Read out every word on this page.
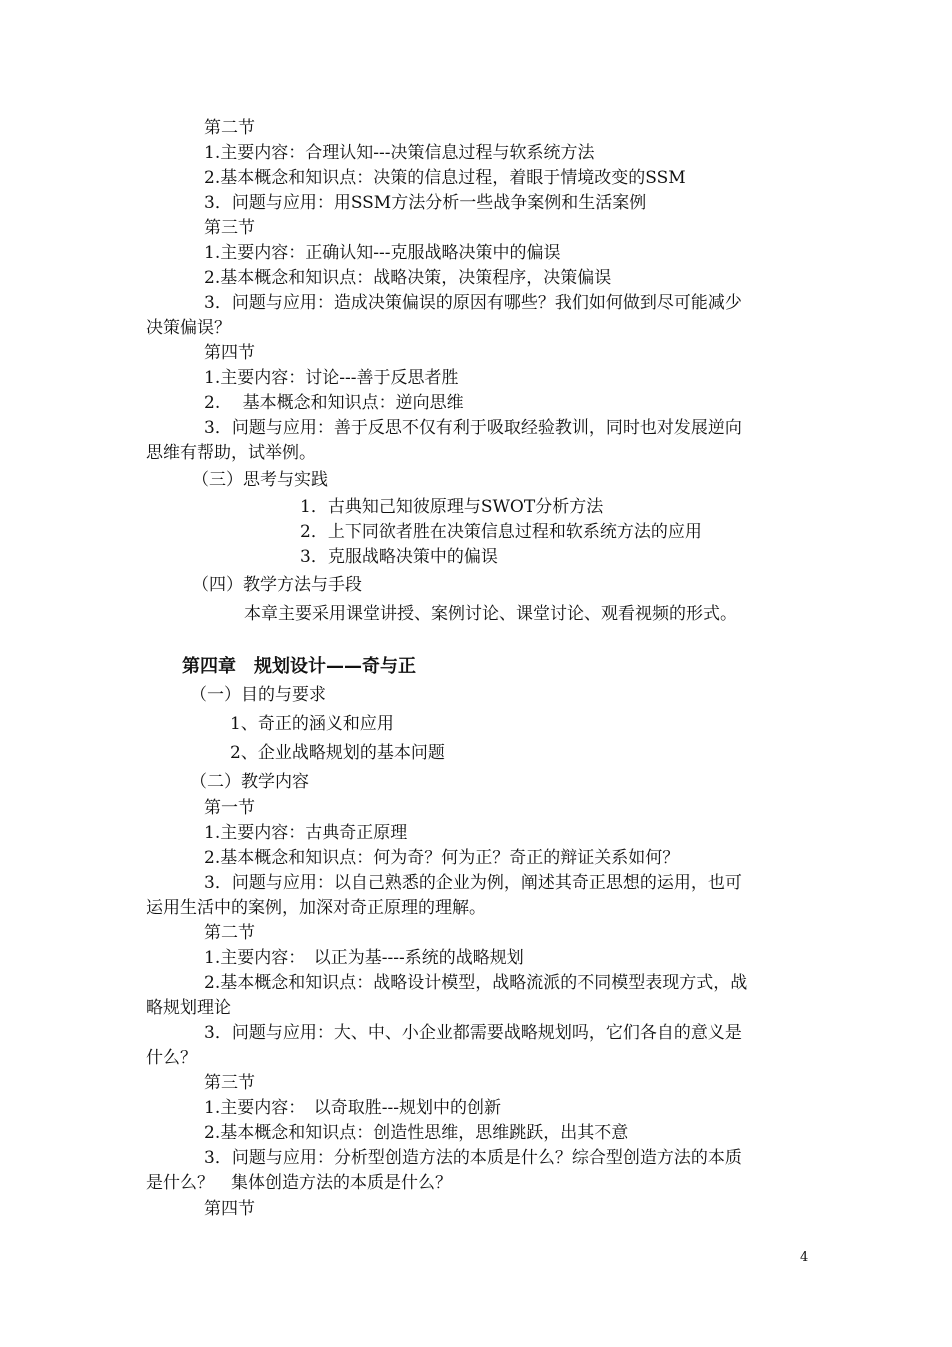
第二节
1.主要内容：合理认知---决策信息过程与软系统方法
2.基本概念和知识点：决策的信息过程，着眼于情境改变的SSM
3．问题与应用：用SSM方法分析一些战争案例和生活案例
第三节
1.主要内容：正确认知---克服战略决策中的偏误
2.基本概念和知识点：战略决策，决策程序，决策偏误
3．问题与应用：造成决策偏误的原因有哪些？我们如何做到尽可能减少
决策偏误？
第四节
1.主要内容：讨论---善于反思者胜
2.　 基本概念和知识点：逆向思维
3．问题与应用：善于反思不仅有利于吸取经验教训，同时也对发展逆向
思维有帮助，试举例。
（三）思考与实践
1．古典知己知彼原理与SWOT分析方法
2．上下同欲者胜在决策信息过程和软系统方法的应用
3．克服战略决策中的偏误
（四）教学方法与手段
本章主要采用课堂讲授、案例讨论、课堂讨论、观看视频的形式。
第四章　规划设计——奇与正
（一）目的与要求
1、奇正的涵义和应用
2、企业战略规划的基本问题
（二）教学内容
第一节
1.主要内容：古典奇正原理
2.基本概念和知识点：何为奇？何为正？奇正的辩证关系如何？
3．问题与应用：以自己熟悉的企业为例，阐述其奇正思想的运用，也可
运用生活中的案例，加深对奇正原理的理解。
第二节
1.主要内容：　以正为基----系统的战略规划
2.基本概念和知识点：战略设计模型，战略流派的不同模型表现方式，战
略规划理论
3．问题与应用：大、中、小企业都需要战略规划吗，它们各自的意义是
什么？
第三节
1.主要内容：　以奇取胜---规划中的创新
2.基本概念和知识点：创造性思维，思维跳跃，出其不意
3．问题与应用：分析型创造方法的本质是什么？综合型创造方法的本质
是什么？　集体创造方法的本质是什么？
第四节
4
